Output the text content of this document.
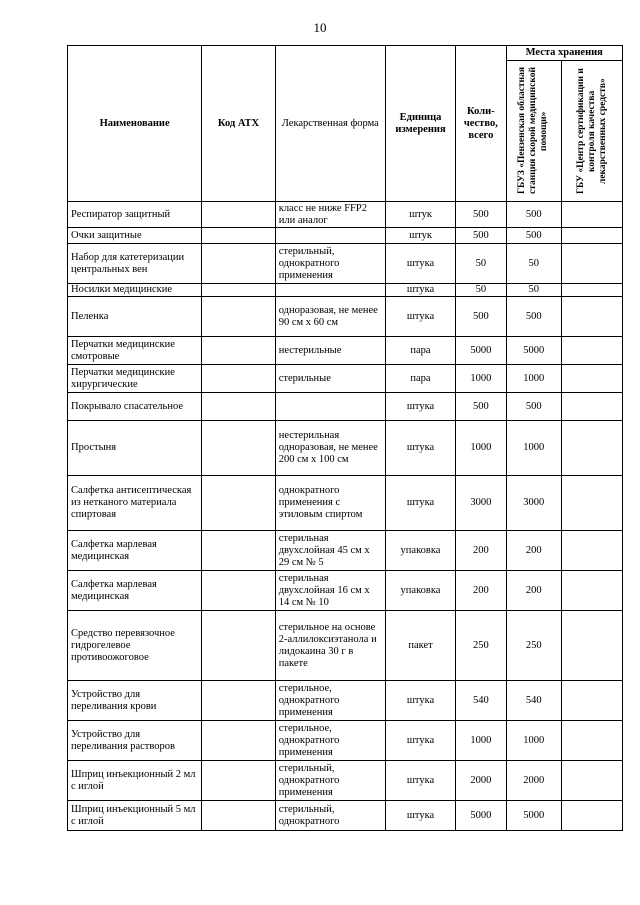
10
Наименование	Код АТХ	Лекарственная форма	Единица измерения	Коли-чество, всего	Места хранения	

					ГБУЗ «Пензенская областная станция скорой медицинской помощи»	ГБУ «Центр сертификации и контроля качества лекарственных средств»

Респиратор защитный		класс не ниже FFP2 или аналог	штук	500	500	
Очки защитные			штук	500	500	
Набор для катетеризации центральных вен		стерильный, однократного применения	штука	50	50	
Носилки медицинские			штука	50	50	
Пеленка		одноразовая, не менее 90 см х 60 см	штука	500	500	
Перчатки медицинские смотровые		нестерильные	пара	5000	5000	
Перчатки медицинские хирургические		стерильные	пара	1000	1000	
Покрывало спасательное			штука	500	500	
Простыня		нестерильная одноразовая, не менее 200 см х 100 см	штука	1000	1000	
Салфетка антисептическая из нетканого материала спиртовая		однократного применения с этиловым спиртом	штука	3000	3000	
Салфетка марлевая медицинская		стерильная двухслойная 45 см х 29 см № 5	упаковка	200	200	
Салфетка марлевая медицинская		стерильная двухслойная 16 см х 14 см № 10	упаковка	200	200	
Средство перевязочное гидрогелевое противоожоговое		стерильное на основе 2-аллилоксиэтанола и лидокаина 30 г в пакете	пакет	250	250	
Устройство для переливания крови		стерильное, однократного применения	штука	540	540	
Устройство для переливания растворов		стерильное, однократного применения	штука	1000	1000	
Шприц инъекционный 2 мл с иглой		стерильный, однократного применения	штука	2000	2000	
Шприц инъекционный 5 мл с иглой		стерильный, однократного	штука	5000	5000	
